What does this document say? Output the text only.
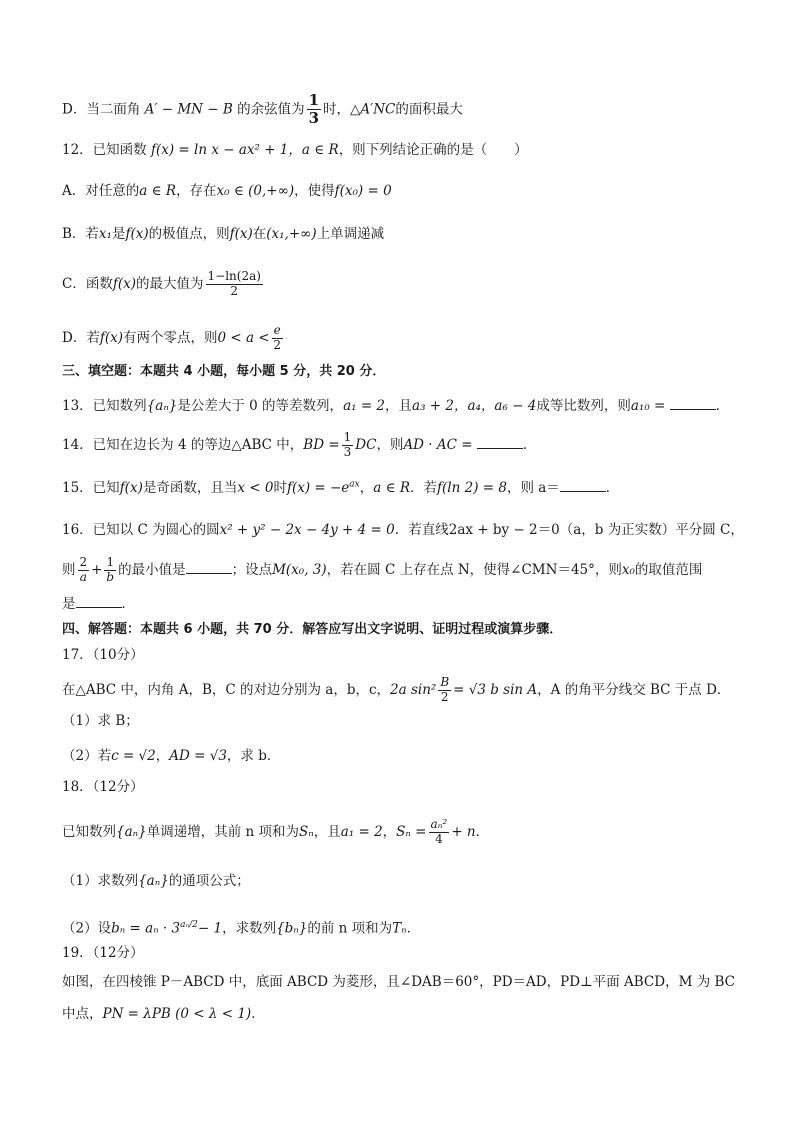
D．当二面角 A′ − MN − B 的余弦值为 $\frac{1}{3}$ 时，△A′NC的面积最大
12．已知函数 f(x) = ln x − ax² + 1，a ∈ R，则下列结论正确的是（　　）
A．对任意的a ∈ R，存在x₀ ∈ (0,+∞)，使得f(x₀) = 0
B．若x₁是f(x)的极值点，则f(x)在(x₁,+∞)上单调递减
C．函数f(x)的最大值为 $\frac{1-\ln(2a)}{2}$
D．若f(x)有两个零点，则$0 < a < \frac{e}{2}$
三、填空题：本题共 4 小题，每小题 5 分，共 20 分．
13．已知数列{aₙ}是公差大于 0 的等差数列，a₁ = 2，且a₃ + 2，a₄，a₆ − 4成等比数列，则a₁₀ =	．
14．已知在边长为 4 的等边△ABC 中，BD = $\frac{1}{3}$ DC，则AD · AC =	．
15．已知f(x)是奇函数，且当x < 0时$f(x) = -e^{ax}$，a ∈ R．若f(ln 2) = 8，则 a＝	．
16．已知以 C 为圆心的圆x² + y² − 2x − 4y + 4 = 0．若直线2ax + by − 2＝0（a，b 为正实数）平分圆 C，
则 $\frac{2}{a} + \frac{1}{b}$ 的最小值是	；设点M(x₀, 3)，若在圆 C 上存在点 N，使得∠CMN＝45°，则x₀的取值范围
是	．
四、解答题：本题共 6 小题，共 70 分．解答应写出文字说明、证明过程或演算步骤．
17．（10分）
在△ABC 中，内角 A，B，C 的对边分别为 a，b，c，2a $\sin^2 \frac{B}{2} = √3$ b sin A，A 的角平分线交 BC 于点 D．
（1）求 B；
（2）若c = √2，AD = √3，求 b．
18．（12分）
已知数列{aₙ}单调递增，其前 n 项和为Sₙ，且a₁ = 2，$S_n = \frac{\text{aₙ²}}{4} + n$．
（1）求数列{aₙ}的通项公式；
（2）设$b_n = a_n \cdot 3^{a_n/2}- 1$，求数列{bₙ}的前 n 项和为Tₙ．
19．（12分）
如图，在四棱锥 P－ABCD 中，底面 ABCD 为菱形，且∠DAB＝60°，PD＝AD，PD⊥平面 ABCD，M 为 BC
中点，PN = λPB (0 < λ < 1)．
